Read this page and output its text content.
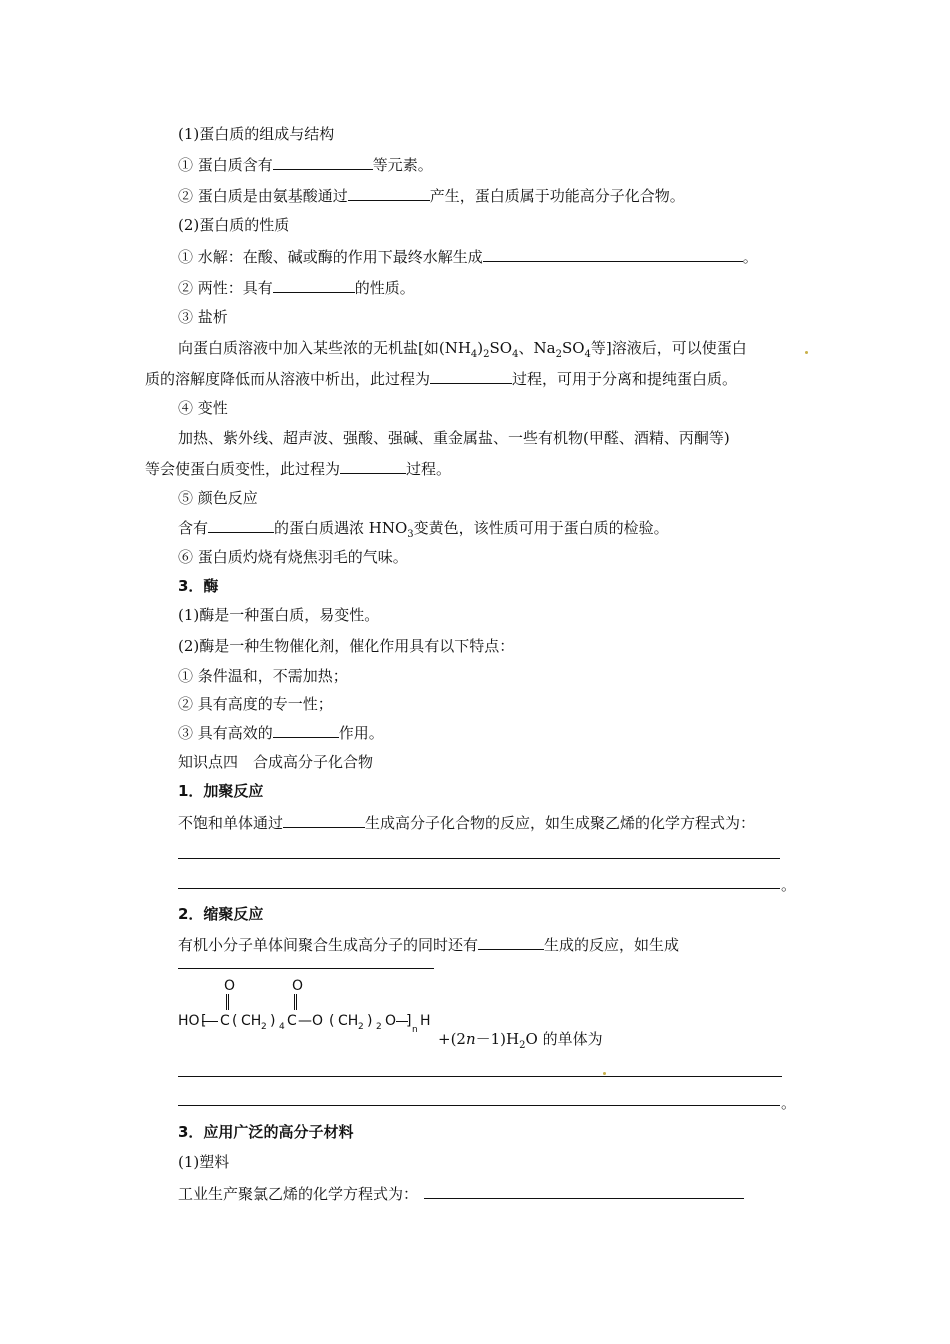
(1)蛋白质的组成与结构
① 蛋白质含有	等元素。
② 蛋白质是由氨基酸通过	产生，蛋白质属于功能高分子化合物。
(2)蛋白质的性质
① 水解：在酸、碱或酶的作用下最终水解生成	。
② 两性：具有	的性质。
③ 盐析
向蛋白质溶液中加入某些浓的无机盐[如$(NH_4)_2SO_4$、$Na_2SO_4$等]溶液后，可以使蛋白
质的溶解度降低而从溶液中析出，此过程为	过程，可用于分离和提纯蛋白质。
④ 变性
加热、紫外线、超声波、强酸、强碱、重金属盐、一些有机物(甲醛、酒精、丙酮等)
等会使蛋白质变性，此过程为	过程。
⑤ 颜色反应
含有	的蛋白质遇浓 $HNO_3$变黄色，该性质可用于蛋白质的检验。
⑥ 蛋白质灼烧有烧焦羽毛的气味。
3．酶
(1)酶是一种蛋白质，易变性。
(2)酶是一种生物催化剂，催化作用具有以下特点：
① 条件温和，不需加热；
② 具有高度的专一性；
③ 具有高效的	作用。
知识点四　合成高分子化合物
1．加聚反应
不饱和单体通过	生成高分子化合物的反应，如生成聚乙烯的化学方程式为：
。
2．缩聚反应
有机小分子单体间聚合生成高分子的同时还有	生成的反应，如生成
O	O
HO [ C ( CH 2 ) 4 C —O ( CH 2 ) 2 O ]
n
H
$+(2n-1)H_2O$ 的单体为
。
3．应用广泛的高分子材料
(1)塑料
工业生产聚氯乙烯的化学方程式为：
